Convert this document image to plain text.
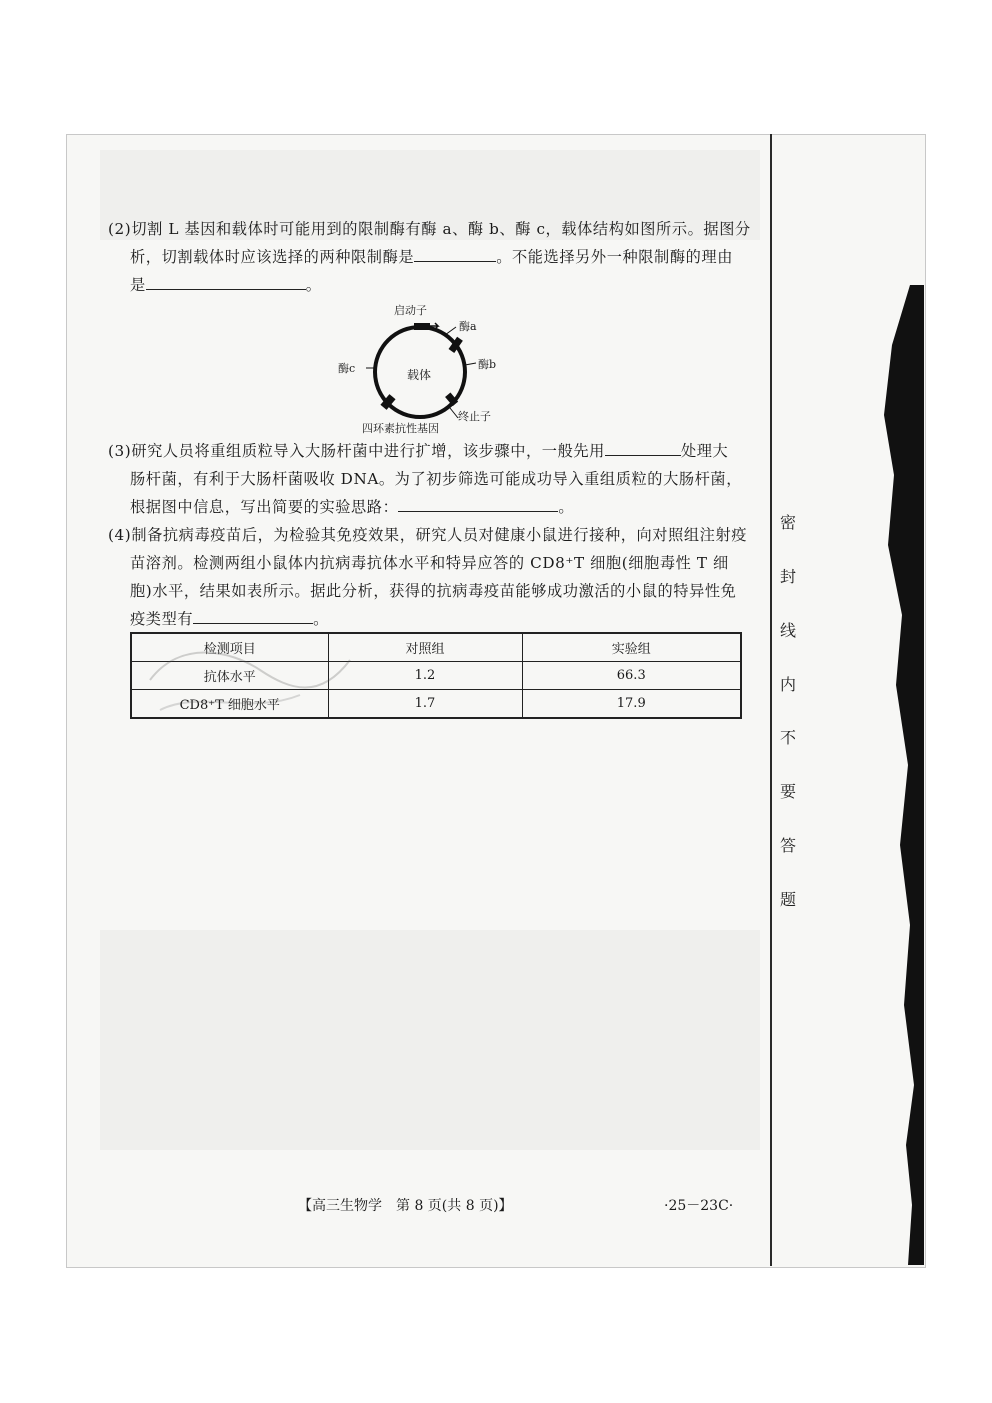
密
封
线
内
不
要
答
题
(2)切割 L 基因和载体时可能用到的限制酶有酶 a、酶 b、酶 c，载体结构如图所示。据图分
析，切割载体时应该选择的两种限制酶是	。不能选择另外一种限制酶的理由
是	。
启动子
酶a
酶b
酶c	载体
终止子
四环素抗性基因
(3)研究人员将重组质粒导入大肠杆菌中进行扩增，该步骤中，一般先用	处理大
肠杆菌，有利于大肠杆菌吸收 DNA。为了初步筛选可能成功导入重组质粒的大肠杆菌，
根据图中信息，写出简要的实验思路：	。
(4)制备抗病毒疫苗后，为检验其免疫效果，研究人员对健康小鼠进行接种，向对照组注射疫
苗溶剂。检测两组小鼠体内抗病毒抗体水平和特异应答的 CD8⁺T 细胞(细胞毒性 T 细
胞)水平，结果如表所示。据此分析，获得的抗病毒疫苗能够成功激活的小鼠的特异性免
疫类型有	。
检测项目	对照组	实验组
抗体水平	1.2	66.3
CD8⁺T 细胞水平	1.7	17.9
【高三生物学　第 8 页(共 8 页)】	·25－23C·
